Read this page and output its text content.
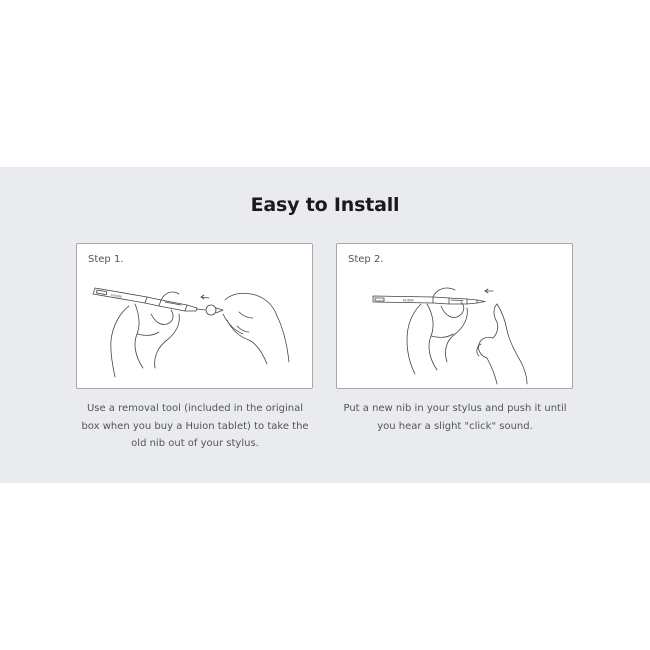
Easy to Install
Step 1.
HUION
Step 2.
HUION
Use a removal tool (included in the original
box when you buy a Huion tablet) to take the
old nib out of your stylus.
Put a new nib in your stylus and push it until
you hear a slight "click" sound.
